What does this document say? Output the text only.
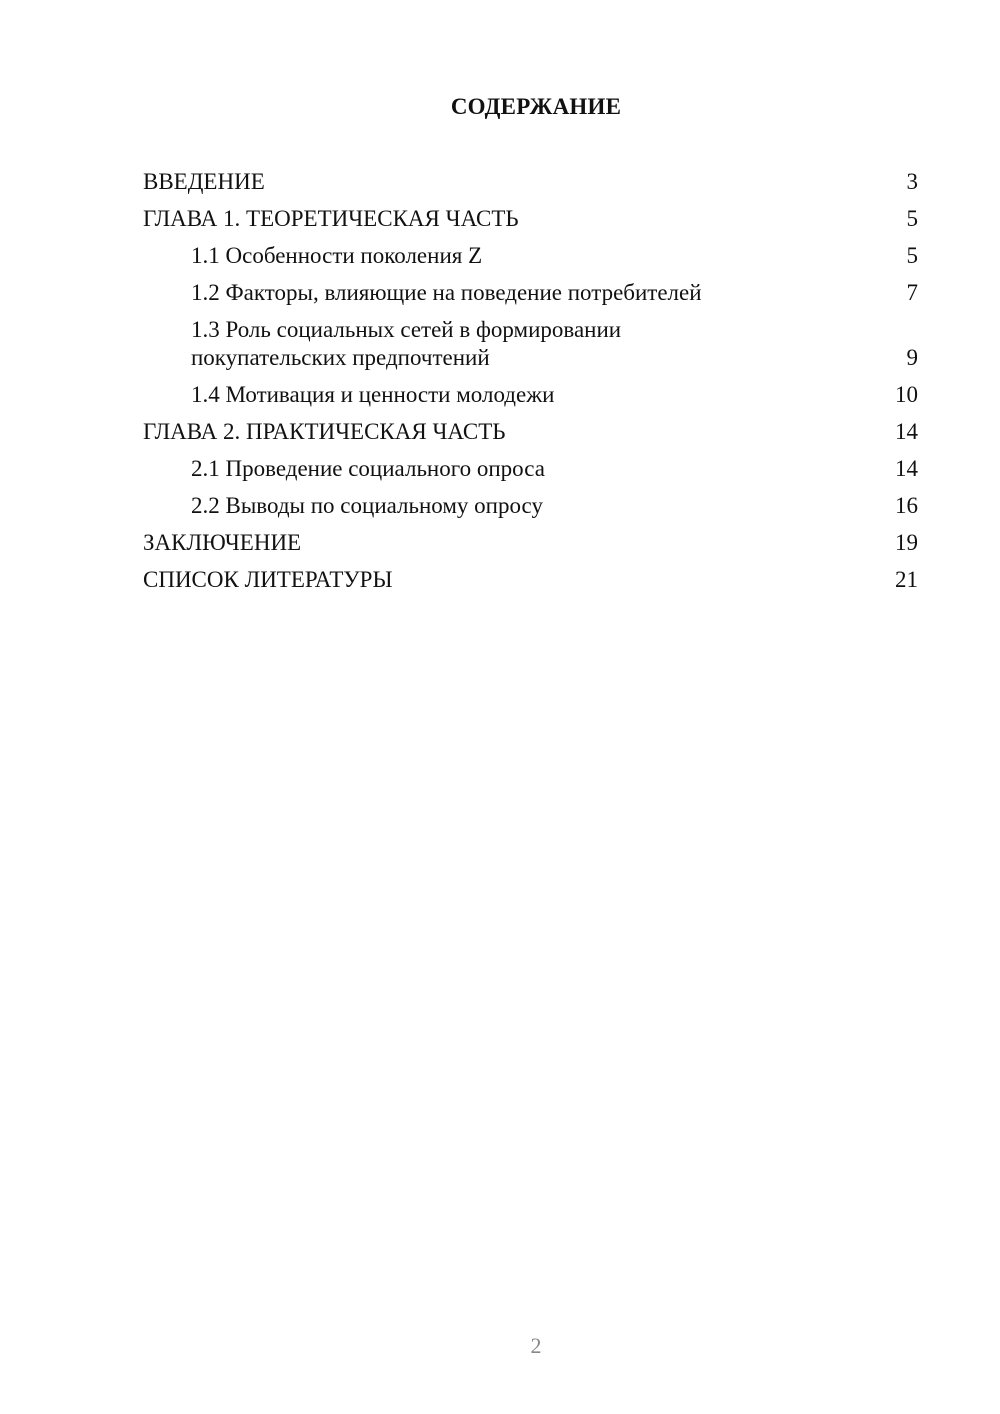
СОДЕРЖАНИЕ
ВВЕДЕНИЕ	3
ГЛАВА 1. ТЕОРЕТИЧЕСКАЯ ЧАСТЬ	5
1.1 Особенности поколения Z	5
1.2 Факторы, влияющие на поведение потребителей	7
1.3 Роль социальных сетей в формировании покупательских предпочтений	9
1.4 Мотивация и ценности молодежи	10
ГЛАВА 2. ПРАКТИЧЕСКАЯ ЧАСТЬ	14
2.1 Проведение социального опроса	14
2.2 Выводы по социальному опросу	16
ЗАКЛЮЧЕНИЕ	19
СПИСОК ЛИТЕРАТУРЫ	21
2
